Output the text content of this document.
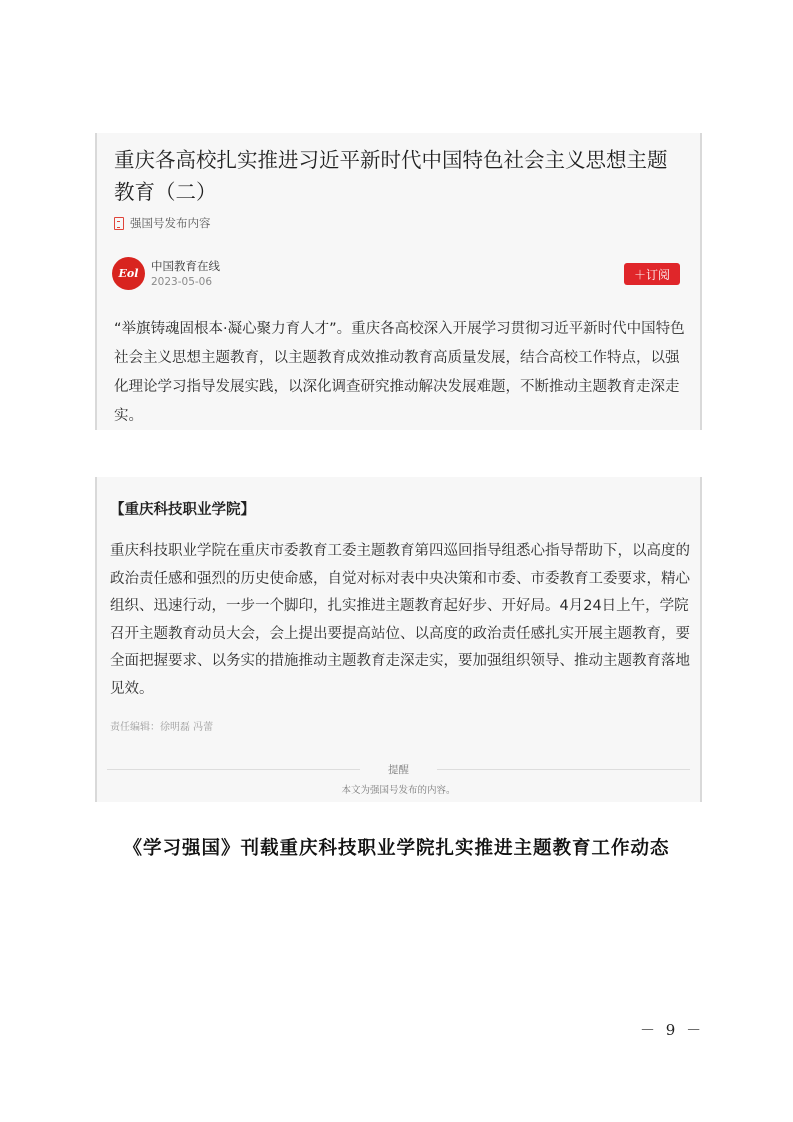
重庆各高校扎实推进习近平新时代中国特色社会主义思想主题教育（二）
强国号发布内容
Eol
中国教育在线
2023-05-06
＋订阅

“举旗铸魂固根本·凝心聚力育人才”。重庆各高校深入开展学习贯彻习近平新时代中国特色社会主义思想主题教育，以主题教育成效推动教育高质量发展，结合高校工作特点，以强化理论学习指导发展实践，以深化调查研究推动解决发展难题，不断推动主题教育走深走实。

【重庆科技职业学院】

重庆科技职业学院在重庆市委教育工委主题教育第四巡回指导组悉心指导帮助下，以高度的政治责任感和强烈的历史使命感，自觉对标对表中央决策和市委、市委教育工委要求，精心组织、迅速行动，一步一个脚印，扎实推进主题教育起好步、开好局。4月24日上午，学院召开主题教育动员大会，会上提出要提高站位、以高度的政治责任感扎实开展主题教育，要全面把握要求、以务实的措施推动主题教育走深走实，要加强组织领导、推动主题教育落地见效。

责任编辑：徐明磊 冯蕾
提醒
本文为强国号发布的内容。
《学习强国》刊载重庆科技职业学院扎实推进主题教育工作动态
－ 9 －
